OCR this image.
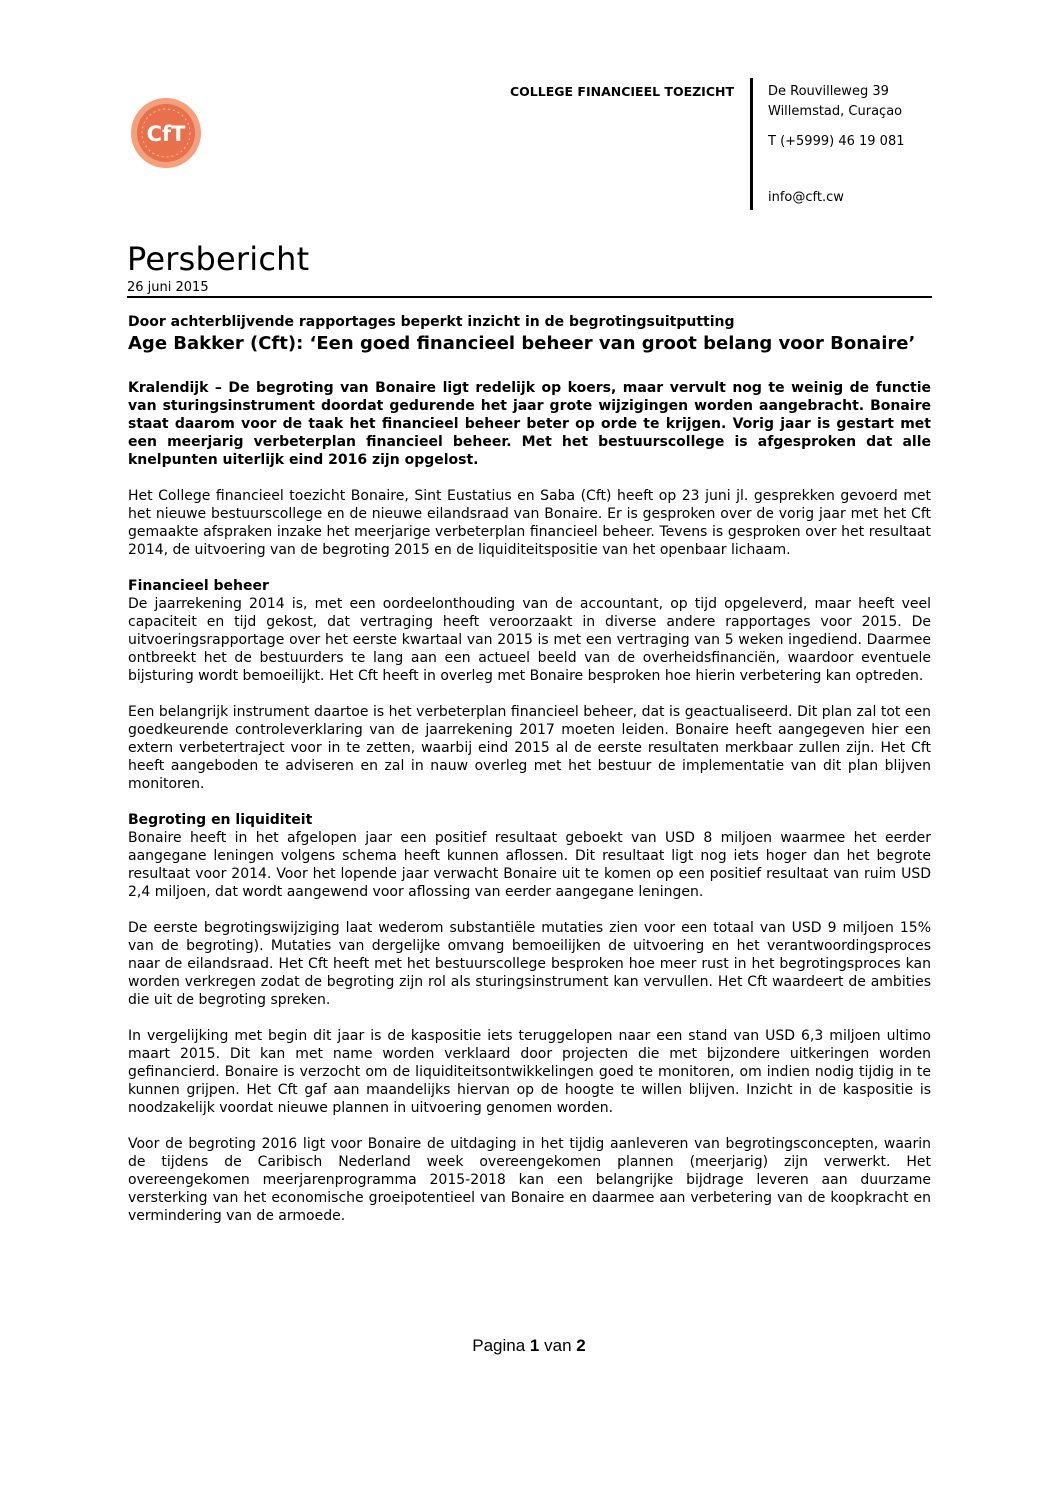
CfT
COLLEGE FINANCIEEL TOEZICHT	De Rouvilleweg 39
Willemstad, Curaçao
T (+5999) 46 19 081
info@cft.cw
Persbericht
26 juni 2015

Door achterblijvende rapportages beperkt inzicht in de begrotingsuitputting

Age Bakker (Cft): ‘Een goed financieel beheer van groot belang voor Bonaire’

Kralendijk – De begroting van Bonaire ligt redelijk op koers, maar vervult nog te weinig de functie van sturingsinstrument doordat gedurende het jaar grote wijzigingen worden aangebracht. Bonaire staat daarom voor de taak het financieel beheer beter op orde te krijgen. Vorig jaar is gestart met een meerjarig verbeterplan financieel beheer. Met het bestuurscollege is afgesproken dat alle knelpunten uiterlijk eind 2016 zijn opgelost.

Het College financieel toezicht Bonaire, Sint Eustatius en Saba (Cft) heeft op 23 juni jl. gesprekken gevoerd met het nieuwe bestuurscollege en de nieuwe eilandsraad van Bonaire. Er is gesproken over de vorig jaar met het Cft gemaakte afspraken inzake het meerjarige verbeterplan financieel beheer. Tevens is gesproken over het resultaat 2014, de uitvoering van de begroting 2015 en de liquiditeitspositie van het openbaar lichaam.

Financieel beheer

De jaarrekening 2014 is, met een oordeelonthouding van de accountant, op tijd opgeleverd, maar heeft veel capaciteit en tijd gekost, dat vertraging heeft veroorzaakt in diverse andere rapportages voor 2015. De uitvoeringsrapportage over het eerste kwartaal van 2015 is met een vertraging van 5 weken ingediend. Daarmee ontbreekt het de bestuurders te lang aan een actueel beeld van de overheidsfinanciën, waardoor eventuele bijsturing wordt bemoeilijkt. Het Cft heeft in overleg met Bonaire besproken hoe hierin verbetering kan optreden.

Een belangrijk instrument daartoe is het verbeterplan financieel beheer, dat is geactualiseerd. Dit plan zal tot een goedkeurende controleverklaring van de jaarrekening 2017 moeten leiden. Bonaire heeft aangegeven hier een extern verbetertraject voor in te zetten, waarbij eind 2015 al de eerste resultaten merkbaar zullen zijn. Het Cft heeft aangeboden te adviseren en zal in nauw overleg met het bestuur de implementatie van dit plan blijven monitoren.

Begroting en liquiditeit

Bonaire heeft in het afgelopen jaar een positief resultaat geboekt van USD 8 miljoen waarmee het eerder aangegane leningen volgens schema heeft kunnen aflossen. Dit resultaat ligt nog iets hoger dan het begrote resultaat voor 2014. Voor het lopende jaar verwacht Bonaire uit te komen op een positief resultaat van ruim USD 2,4 miljoen, dat wordt aangewend voor aflossing van eerder aangegane leningen.

De eerste begrotingswijziging laat wederom substantiële mutaties zien voor een totaal van USD 9 miljoen 15% van de begroting). Mutaties van dergelijke omvang bemoeilijken de uitvoering en het verantwoordingsproces naar de eilandsraad. Het Cft heeft met het bestuurscollege besproken hoe meer rust in het begrotingsproces kan worden verkregen zodat de begroting zijn rol als sturingsinstrument kan vervullen. Het Cft waardeert de ambities die uit de begroting spreken.

In vergelijking met begin dit jaar is de kaspositie iets teruggelopen naar een stand van USD 6,3 miljoen ultimo maart 2015. Dit kan met name worden verklaard door projecten die met bijzondere uitkeringen worden gefinancierd. Bonaire is verzocht om de liquiditeitsontwikkelingen goed te monitoren, om indien nodig tijdig in te kunnen grijpen. Het Cft gaf aan maandelijks hiervan op de hoogte te willen blijven. Inzicht in de kaspositie is noodzakelijk voordat nieuwe plannen in uitvoering genomen worden.

Voor de begroting 2016 ligt voor Bonaire de uitdaging in het tijdig aanleveren van begrotingsconcepten, waarin de tijdens de Caribisch Nederland week overeengekomen plannen (meerjarig) zijn verwerkt. Het overeengekomen meerjarenprogramma 2015-2018 kan een belangrijke bijdrage leveren aan duurzame versterking van het economische groeipotentieel van Bonaire en daarmee aan verbetering van de koopkracht en vermindering van de armoede.

Pagina 1 van 2
